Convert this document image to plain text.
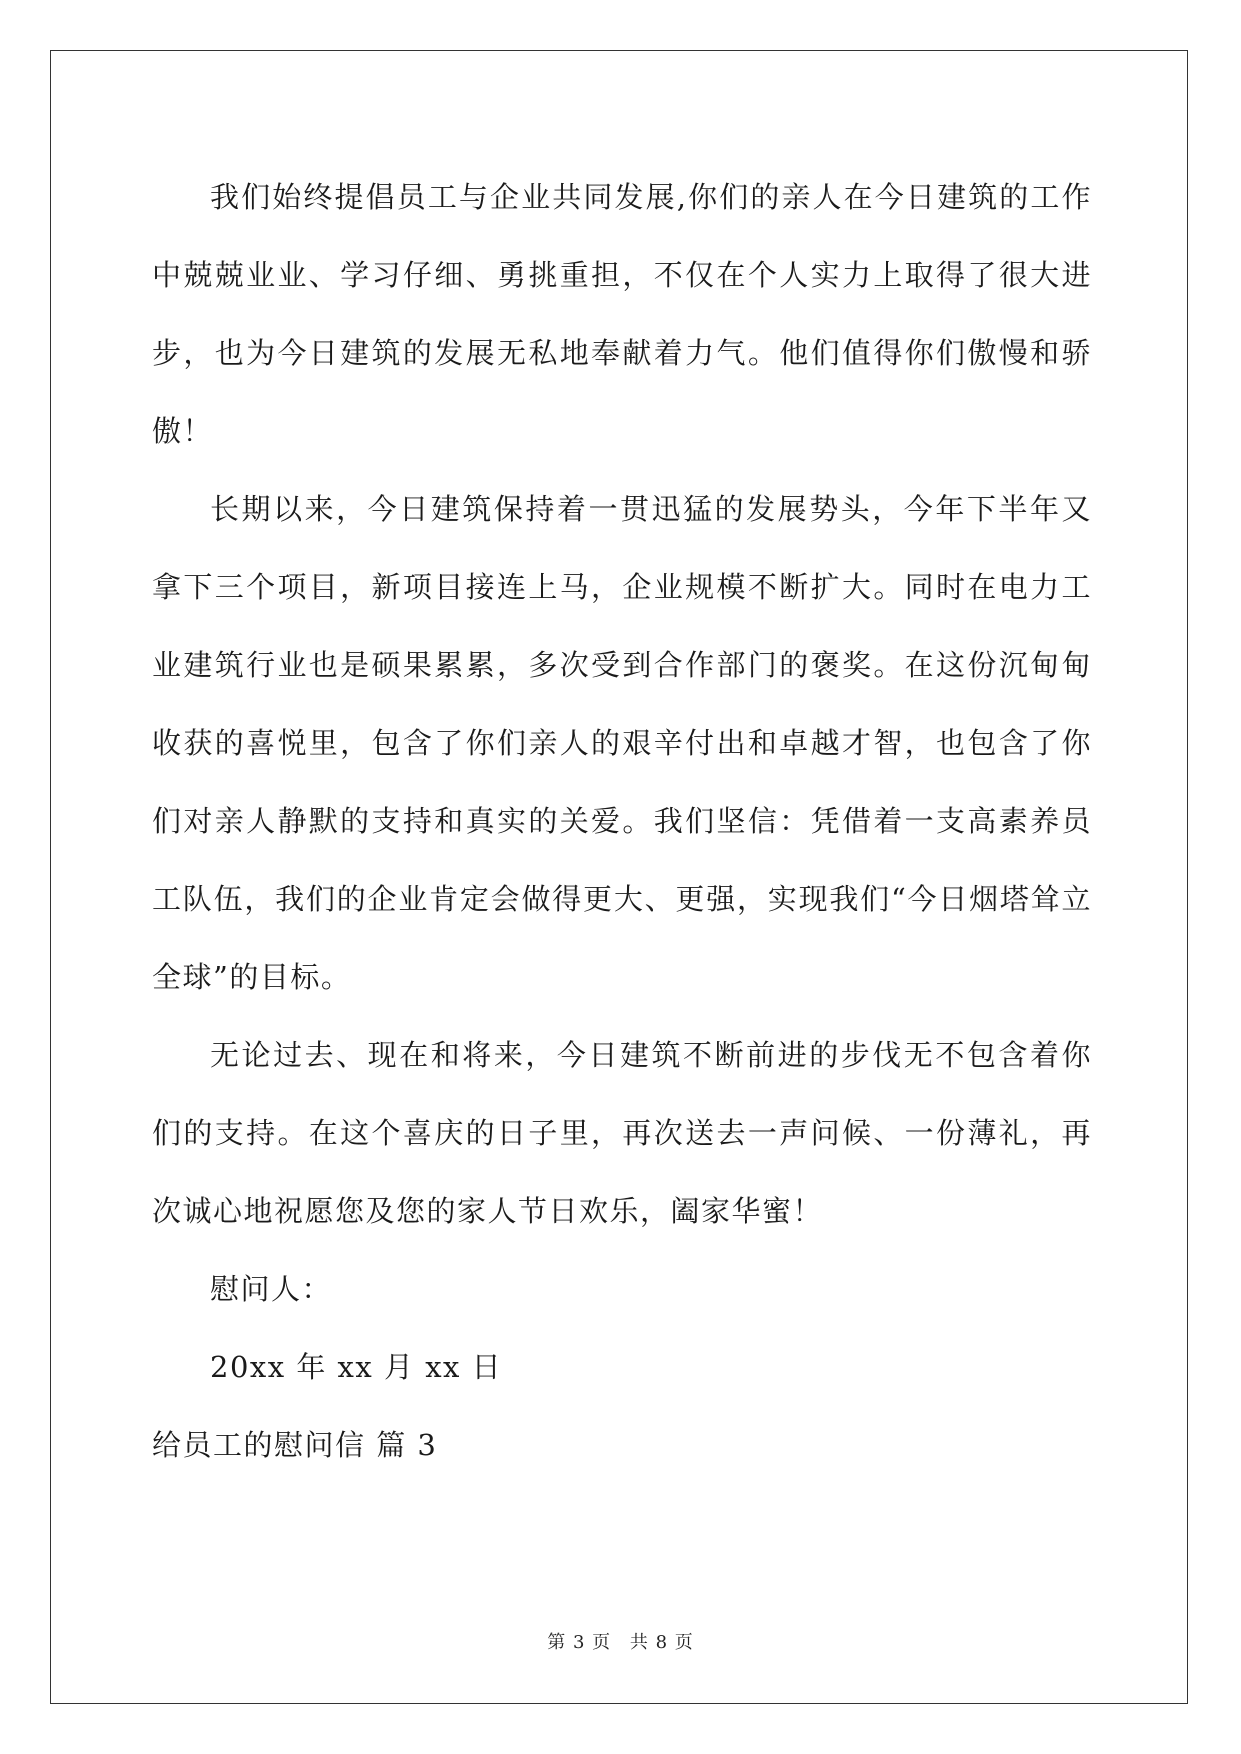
我们始终提倡员工与企业共同发展,你们的亲人在今日建筑的工作中兢兢业业、学习仔细、勇挑重担，不仅在个人实力上取得了很大进步，也为今日建筑的发展无私地奉献着力气。他们值得你们傲慢和骄傲！

长期以来，今日建筑保持着一贯迅猛的发展势头，今年下半年又拿下三个项目，新项目接连上马，企业规模不断扩大。同时在电力工业建筑行业也是硕果累累，多次受到合作部门的褒奖。在这份沉甸甸收获的喜悦里，包含了你们亲人的艰辛付出和卓越才智，也包含了你们对亲人静默的支持和真实的关爱。我们坚信：凭借着一支高素养员工队伍，我们的企业肯定会做得更大、更强，实现我们“今日烟塔耸立全球”的目标。

无论过去、现在和将来，今日建筑不断前进的步伐无不包含着你们的支持。在这个喜庆的日子里，再次送去一声问候、一份薄礼，再次诚心地祝愿您及您的家人节日欢乐，阖家华蜜！

慰问人：

20xx 年 xx 月 xx 日

给员工的慰问信 篇 3

第 3 页 共 8 页
